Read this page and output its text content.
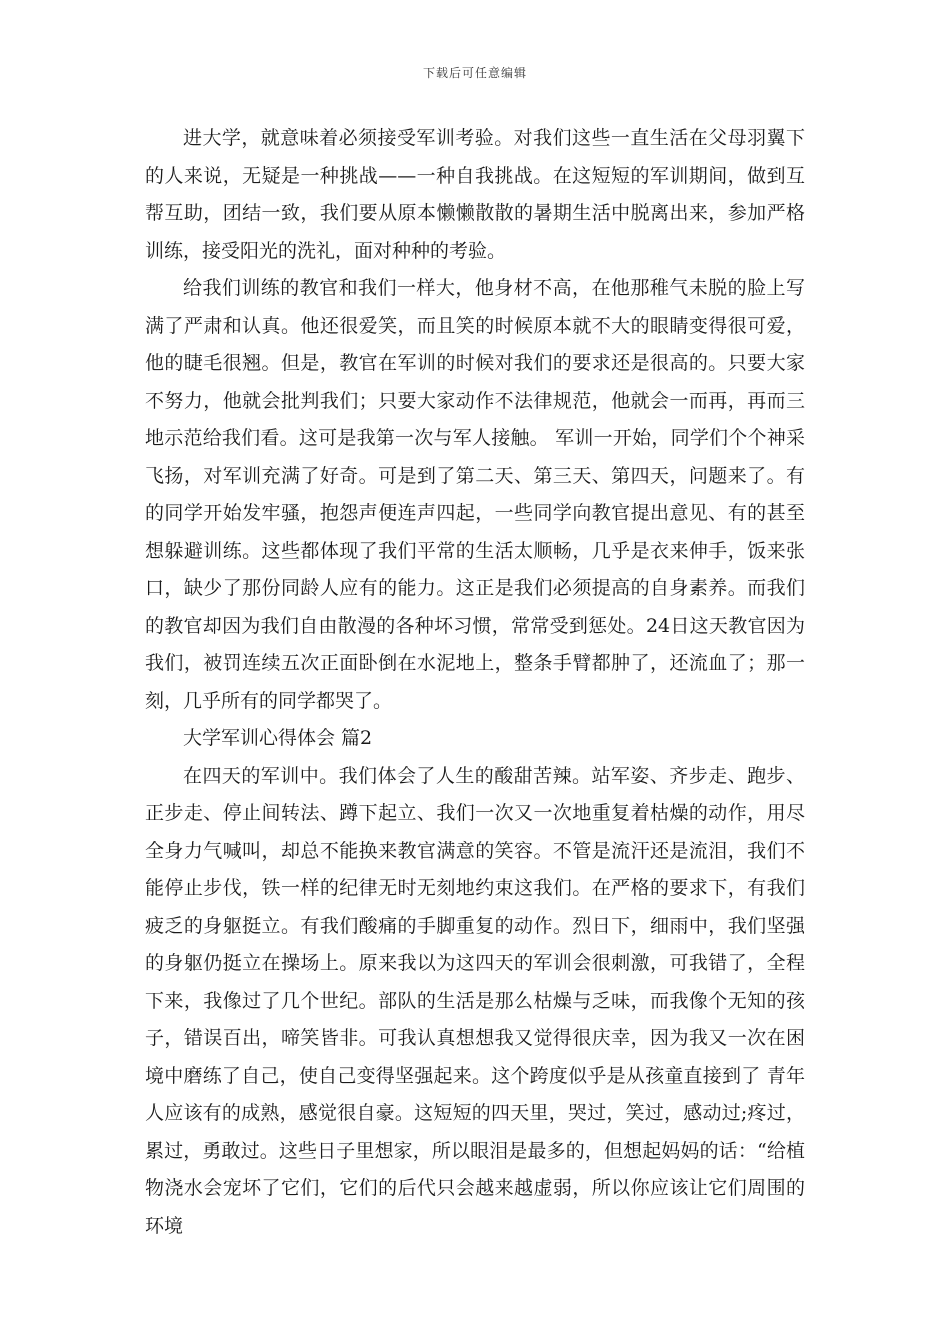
下载后可任意编辑

进大学，就意味着必须接受军训考验。对我们这些一直生活在父母羽翼下的人来说，无疑是一种挑战——一种自我挑战。在这短短的军训期间，做到互帮互助，团结一致，我们要从原本懒懒散散的暑期生活中脱离出来，参加严格训练，接受阳光的洗礼，面对种种的考验。

给我们训练的教官和我们一样大，他身材不高，在他那稚气未脱的脸上写满了严肃和认真。他还很爱笑，而且笑的时候原本就不大的眼睛变得很可爱，他的睫毛很翘。但是，教官在军训的时候对我们的要求还是很高的。只要大家不努力，他就会批判我们；只要大家动作不法律规范，他就会一而再，再而三地示范给我们看。这可是我第一次与军人接触。 军训一开始，同学们个个神采飞扬，对军训充满了好奇。可是到了第二天、第三天、第四天，问题来了。有的同学开始发牢骚，抱怨声便连声四起，一些同学向教官提出意见、有的甚至想躲避训练。这些都体现了我们平常的生活太顺畅，几乎是衣来伸手，饭来张口，缺少了那份同龄人应有的能力。这正是我们必须提高的自身素养。而我们的教官却因为我们自由散漫的各种坏习惯，常常受到惩处。24日这天教官因为我们，被罚连续五次正面卧倒在水泥地上，整条手臂都肿了，还流血了；那一刻，几乎所有的同学都哭了。

大学军训心得体会 篇2

在四天的军训中。我们体会了人生的酸甜苦辣。站军姿、齐步走、跑步、正步走、停止间转法、蹲下起立、我们一次又一次地重复着枯燥的动作，用尽全身力气喊叫，却总不能换来教官满意的笑容。不管是流汗还是流泪，我们不能停止步伐，铁一样的纪律无时无刻地约束这我们。在严格的要求下，有我们疲乏的身躯挺立。有我们酸痛的手脚重复的动作。烈日下，细雨中，我们坚强的身躯仍挺立在操场上。原来我以为这四天的军训会很刺激，可我错了，全程下来，我像过了几个世纪。部队的生活是那么枯燥与乏味，而我像个无知的孩子，错误百出，啼笑皆非。可我认真想想我又觉得很庆幸，因为我又一次在困境中磨练了自己，使自己变得坚强起来。这个跨度似乎是从孩童直接到了 青年人应该有的成熟，感觉很自豪。这短短的四天里，哭过，笑过，感动过;疼过，累过，勇敢过。这些日子里想家，所以眼泪是最多的，但想起妈妈的话：“给植物浇水会宠坏了它们，它们的后代只会越来越虚弱，所以你应该让它们周围的环境
